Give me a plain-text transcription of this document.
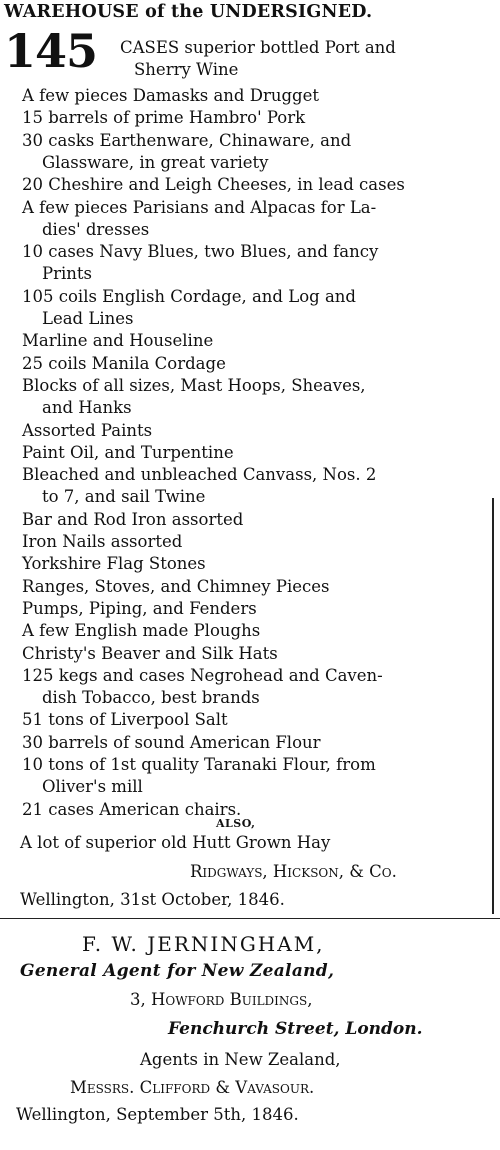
WAREHOUSE of the UNDERSIGNED.
145 CASES superior bottled Port and
Sherry Wine
A few pieces Damasks and Drugget
15 barrels of prime Hambro' Pork
30 casks Earthenware, Chinaware, and
Glassware, in great variety
20 Cheshire and Leigh Cheeses, in lead cases
A few pieces Parisians and Alpacas for La-
dies' dresses
10 cases Navy Blues, two Blues, and fancy
Prints
105 coils English Cordage, and Log and
Lead Lines
Marline and Houseline
25 coils Manila Cordage
Blocks of all sizes, Mast Hoops, Sheaves,
and Hanks
Assorted Paints
Paint Oil, and Turpentine
Bleached and unbleached Canvass, Nos. 2
to 7, and sail Twine
Bar and Rod Iron assorted
Iron Nails assorted
Yorkshire Flag Stones
Ranges, Stoves, and Chimney Pieces
Pumps, Piping, and Fenders
A few English made Ploughs
Christy's Beaver and Silk Hats
125 kegs and cases Negrohead and Caven-
dish Tobacco, best brands
51 tons of Liverpool Salt
30 barrels of sound American Flour
10 tons of 1st quality Taranaki Flour, from
Oliver's mill
21 cases American chairs.
ALSO,
A lot of superior old Hutt Grown Hay
Ridgways, Hickson, & Co.
Wellington, 31st October, 1846.
F. W. JERNINGHAM,
General Agent for New Zealand,
3, Howford Buildings,
Fenchurch Street, London.
Agents in New Zealand,
Messrs. Clifford & Vavasour.
Wellington, September 5th, 1846.
